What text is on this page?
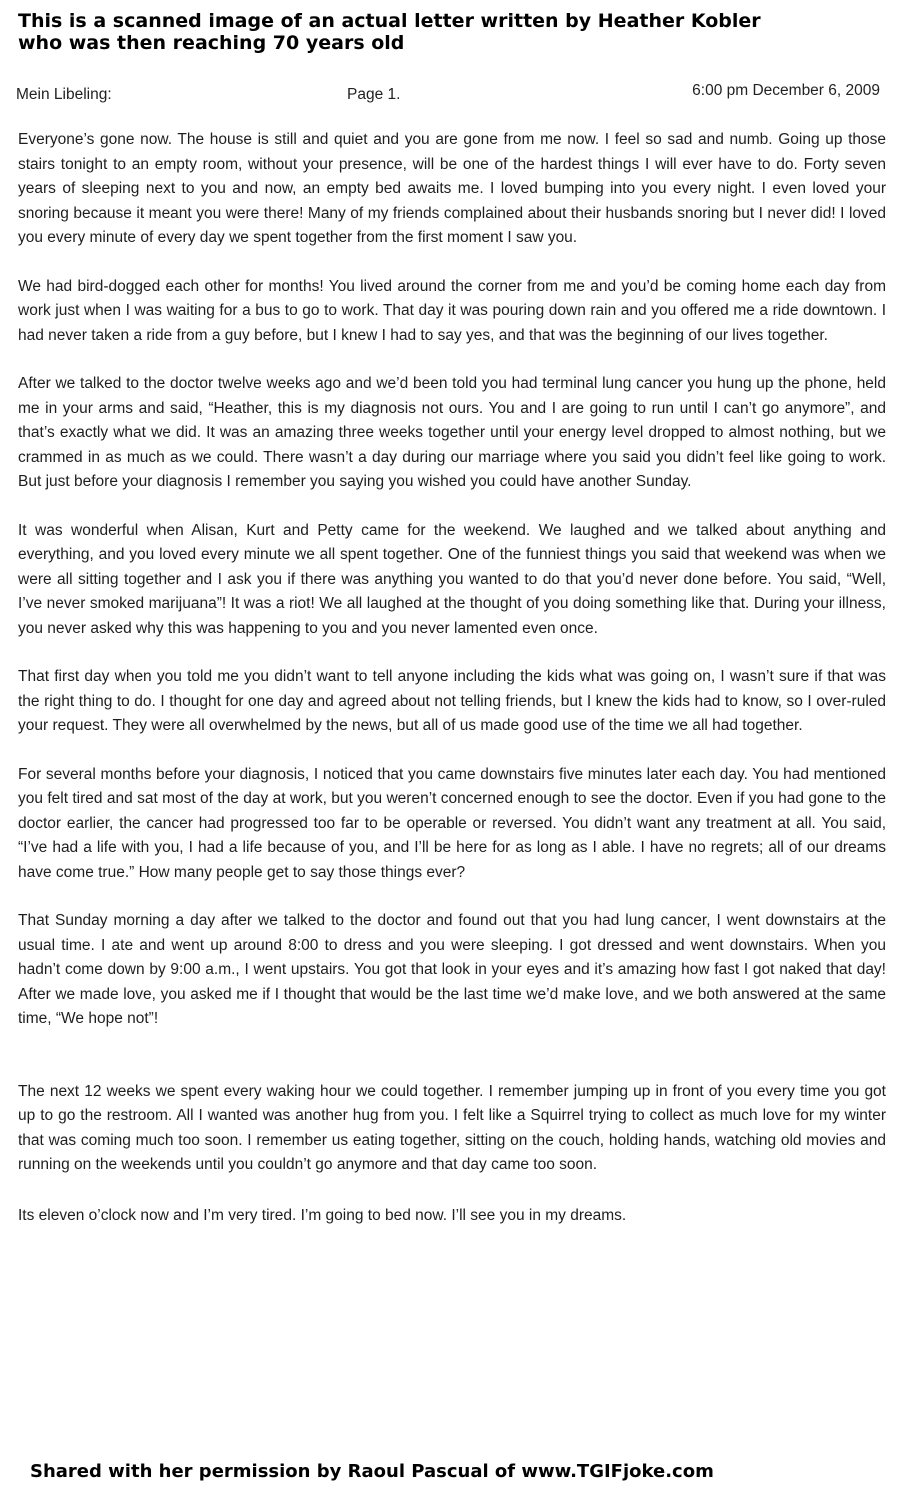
This is a scanned image of an actual letter written by Heather Kobler
who was then reaching 70 years old
Mein Libeling:	Page 1.	6:00 pm December 6, 2009

Everyone’s gone now. The house is still and quiet and you are gone from me now. I feel so sad and numb. Going up those stairs tonight to an empty room, without your presence, will be one of the hardest things I will ever have to do. Forty seven years of sleeping next to you and now, an empty bed awaits me. I loved bumping into you every night. I even loved your snoring because it meant you were there! Many of my friends complained about their husbands snoring but I never did! I loved you every minute of every day we spent together from the first moment I saw you.

We had bird-dogged each other for months! You lived around the corner from me and you’d be coming home each day from work just when I was waiting for a bus to go to work. That day it was pouring down rain and you offered me a ride downtown. I had never taken a ride from a guy before, but I knew I had to say yes, and that was the beginning of our lives together.

After we talked to the doctor twelve weeks ago and we’d been told you had terminal lung cancer you hung up the phone, held me in your arms and said, “Heather, this is my diagnosis not ours. You and I are going to run until I can’t go anymore”, and that’s exactly what we did. It was an amazing three weeks together until your energy level dropped to almost nothing, but we crammed in as much as we could. There wasn’t a day during our marriage where you said you didn’t feel like going to work. But just before your diagnosis I remember you saying you wished you could have another Sunday.

It was wonderful when Alisan, Kurt and Petty came for the weekend. We laughed and we talked about anything and everything, and you loved every minute we all spent together. One of the funniest things you said that weekend was when we were all sitting together and I ask you if there was anything you wanted to do that you’d never done before. You said, “Well, I’ve never smoked marijuana”! It was a riot! We all laughed at the thought of you doing something like that. During your illness, you never asked why this was happening to you and you never lamented even once.

That first day when you told me you didn’t want to tell anyone including the kids what was going on, I wasn’t sure if that was the right thing to do. I thought for one day and agreed about not telling friends, but I knew the kids had to know, so I over-ruled your request. They were all overwhelmed by the news, but all of us made good use of the time we all had together.

For several months before your diagnosis, I noticed that you came downstairs five minutes later each day. You had mentioned you felt tired and sat most of the day at work, but you weren’t concerned enough to see the doctor. Even if you had gone to the doctor earlier, the cancer had progressed too far to be operable or reversed. You didn’t want any treatment at all. You said, “I’ve had a life with you, I had a life because of you, and I’ll be here for as long as I able. I have no regrets; all of our dreams have come true.” How many people get to say those things ever?

That Sunday morning a day after we talked to the doctor and found out that you had lung cancer, I went downstairs at the usual time. I ate and went up around 8:00 to dress and you were sleeping. I got dressed and went downstairs. When you hadn’t come down by 9:00 a.m., I went upstairs. You got that look in your eyes and it’s amazing how fast I got naked that day! After we made love, you asked me if I thought that would be the last time we’d make love, and we both answered at the same time, “We hope not”!

The next 12 weeks we spent every waking hour we could together. I remember jumping up in front of you every time you got up to go the restroom. All I wanted was another hug from you. I felt like a Squirrel trying to collect as much love for my winter that was coming much too soon. I remember us eating together, sitting on the couch, holding hands, watching old movies and running on the weekends until you couldn’t go anymore and that day came too soon.

Its eleven o’clock now and I’m very tired. I’m going to bed now. I’ll see you in my dreams.

Shared with her permission by Raoul Pascual of www.TGIFjoke.com
